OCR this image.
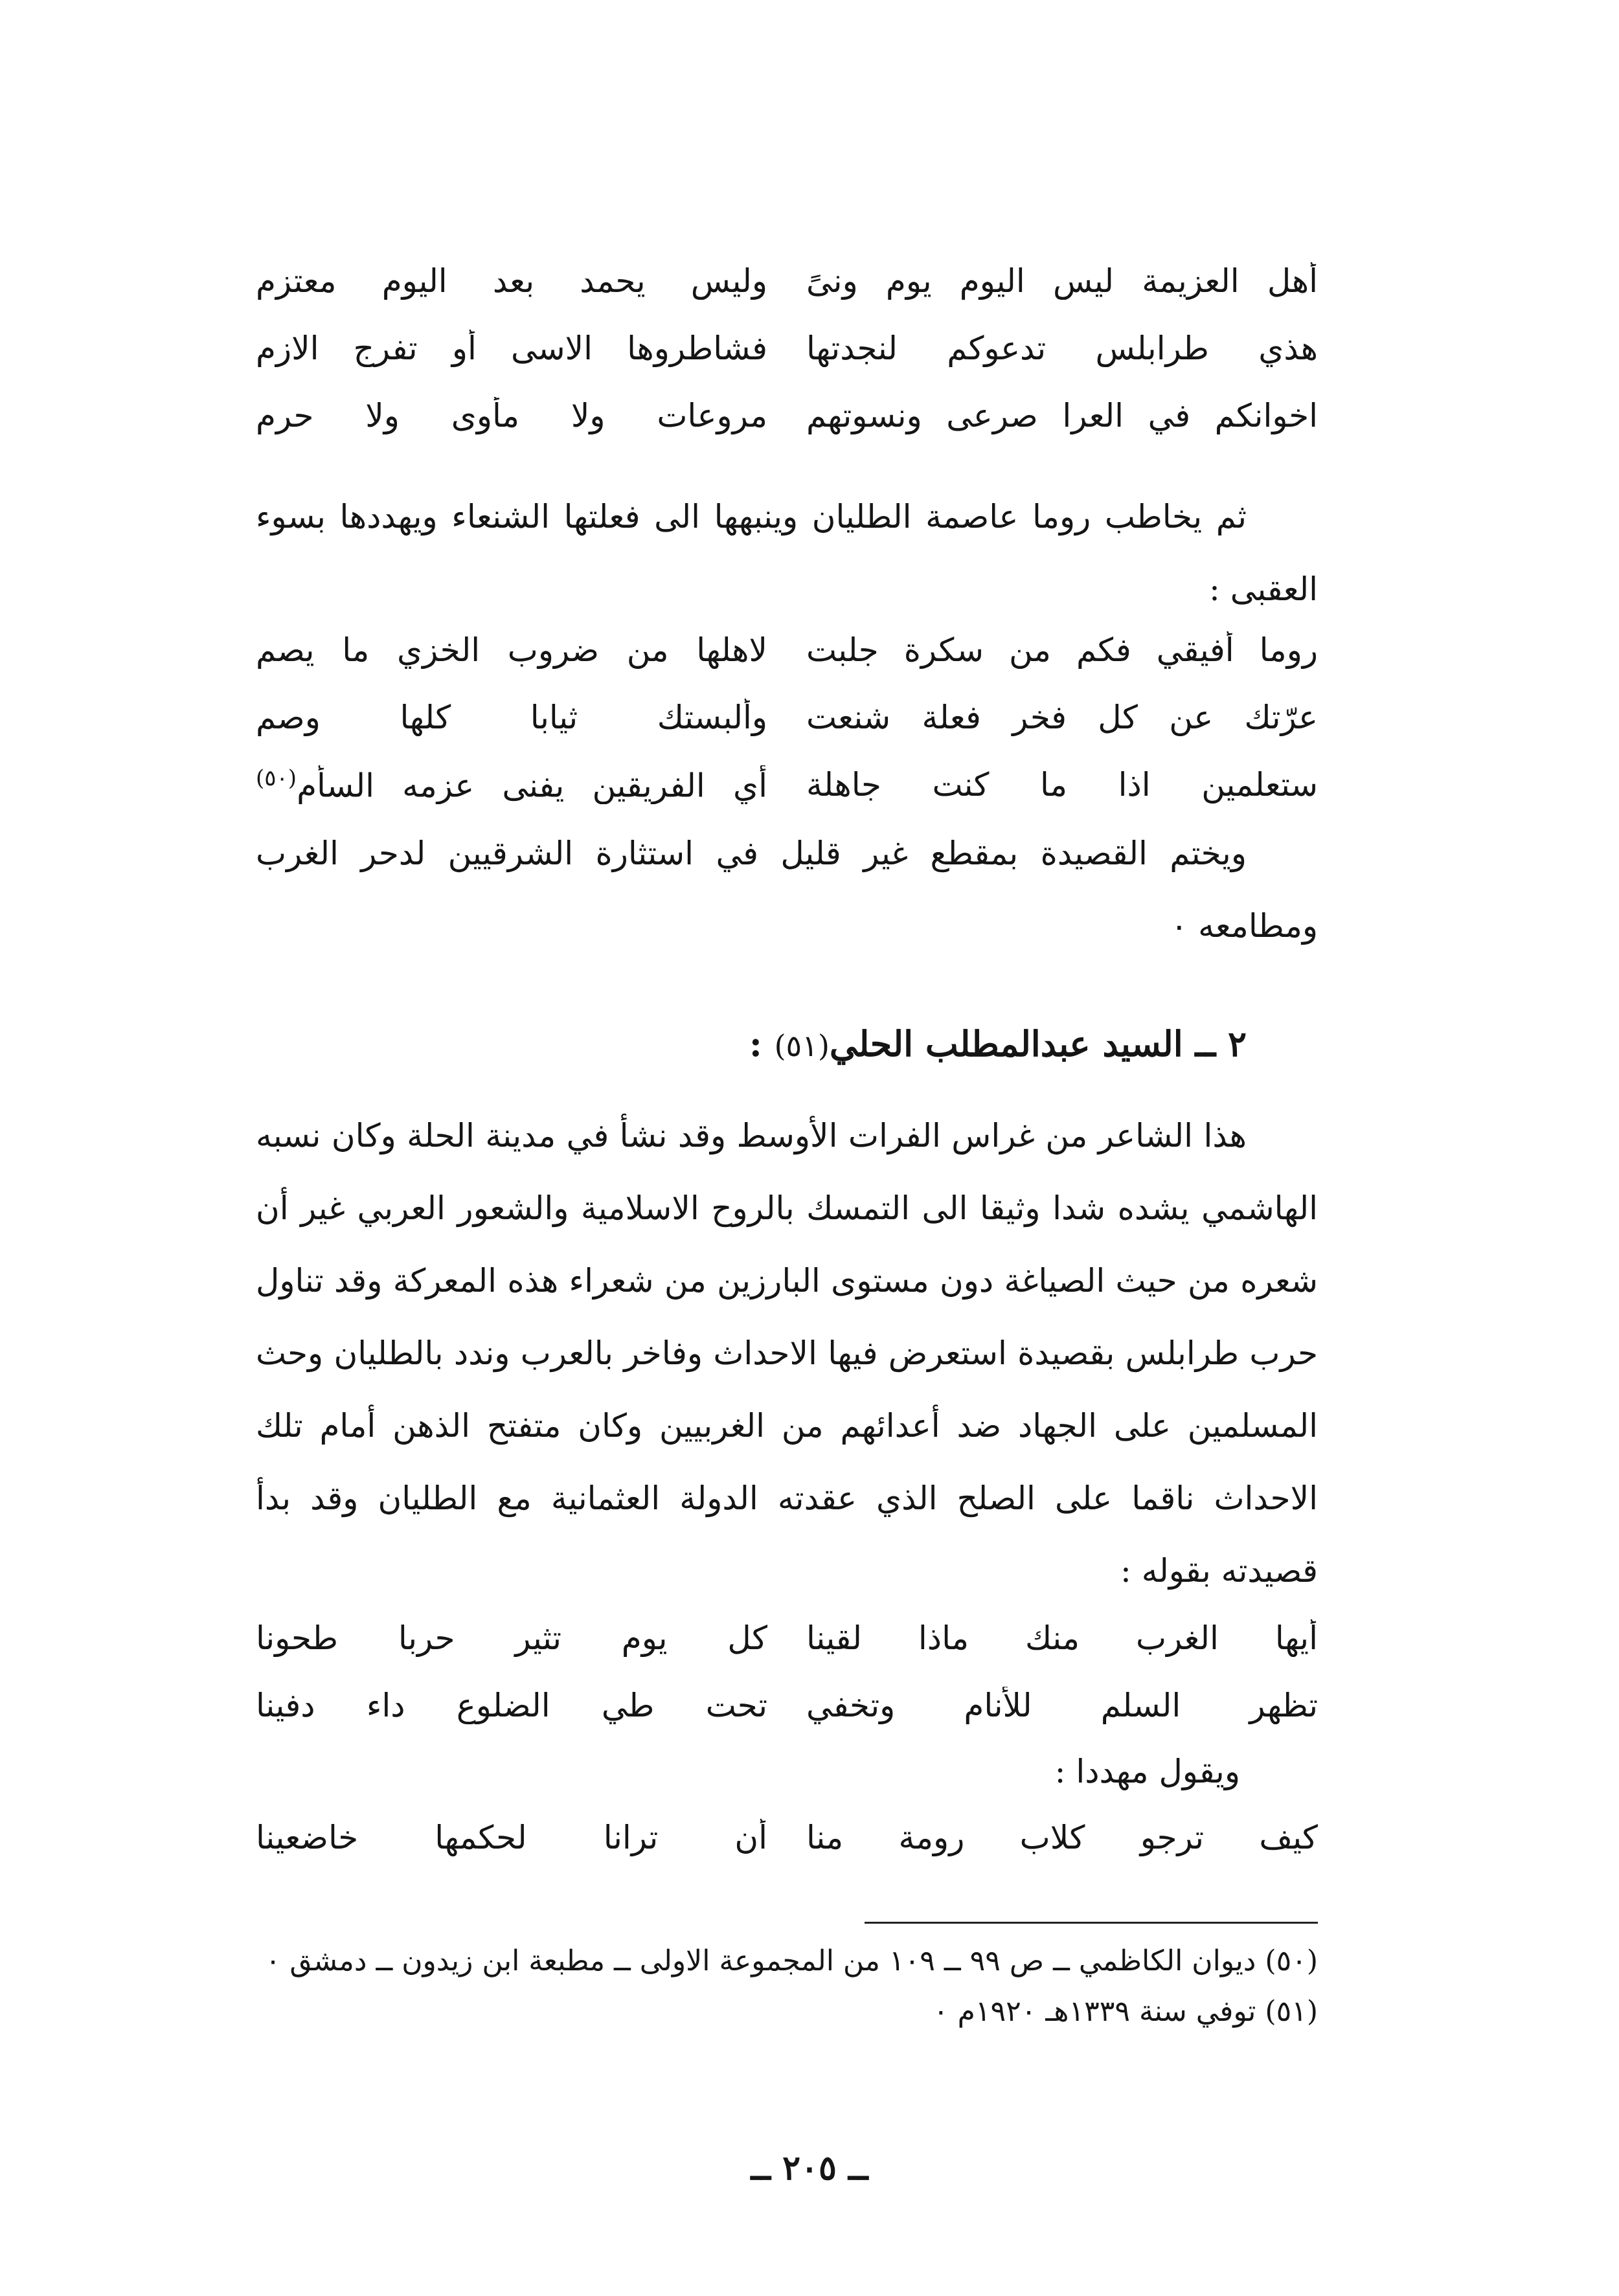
أهل العزيمة ليس اليوم يوم ونىً
وليس يحمد بعد اليوم معتزم
هذي طرابلس تدعوكم لنجدتها
فشاطروها الاسى أو تفرج الازم
اخوانكم في العرا صرعى ونسوتهم
مروعات ولا مأوى ولا حرم
ثم يخاطب روما عاصمة الطليان وينبهها الى فعلتها الشنعاء ويهددها بسوء العقبى :
روما أفيقي فكم من سكرة جلبت
لاهلها من ضروب الخزي ما يصم
عرّتك عن كل فخر فعلة شنعت
وألبستك ثيابا كلها وصم
ستعلمين اذا ما كنت جاهلة
أي الفريقين يفنى عزمه السأم$^{(٥٠)}$
ويختم القصيدة بمقطع غير قليل في استثارة الشرقيين لدحر الغرب ومطامعه ٠
٢ ــ السيد عبدالمطلب الحلي(٥١) :
هذا الشاعر من غراس الفرات الأوسط وقد نشأ في مدينة الحلة وكان نسبه الهاشمي يشده شدا وثيقا الى التمسك بالروح الاسلامية والشعور العربي غير أن شعره من حيث الصياغة دون مستوى البارزين من شعراء هذه المعركة وقد تناول حرب طرابلس بقصيدة استعرض فيها الاحداث وفاخر بالعرب وندد بالطليان وحث المسلمين على الجهاد ضد أعدائهم من الغربيين وكان متفتح الذهن أمام تلك الاحداث ناقما على الصلح الذي عقدته الدولة العثمانية مع الطليان وقد بدأ قصيدته بقوله :
أيها الغرب منك ماذا لقينا
كل يوم تثير حربا طحونا
تظهر السلم للأنام وتخفي
تحت طي الضلوع داء دفينا
ويقول مهددا :
كيف ترجو كلاب رومة منا
أن ترانا لحكمها خاضعينا
(٥٠) ديوان الكاظمي ــ ص ٩٩ ــ ١٠٩ من المجموعة الاولى ــ مطبعة ابن زيدون ــ دمشق ٠
(٥١) توفي سنة ١٣٣٩هـ ١٩٢٠م ٠
ــ ٢٠٥ ــ
